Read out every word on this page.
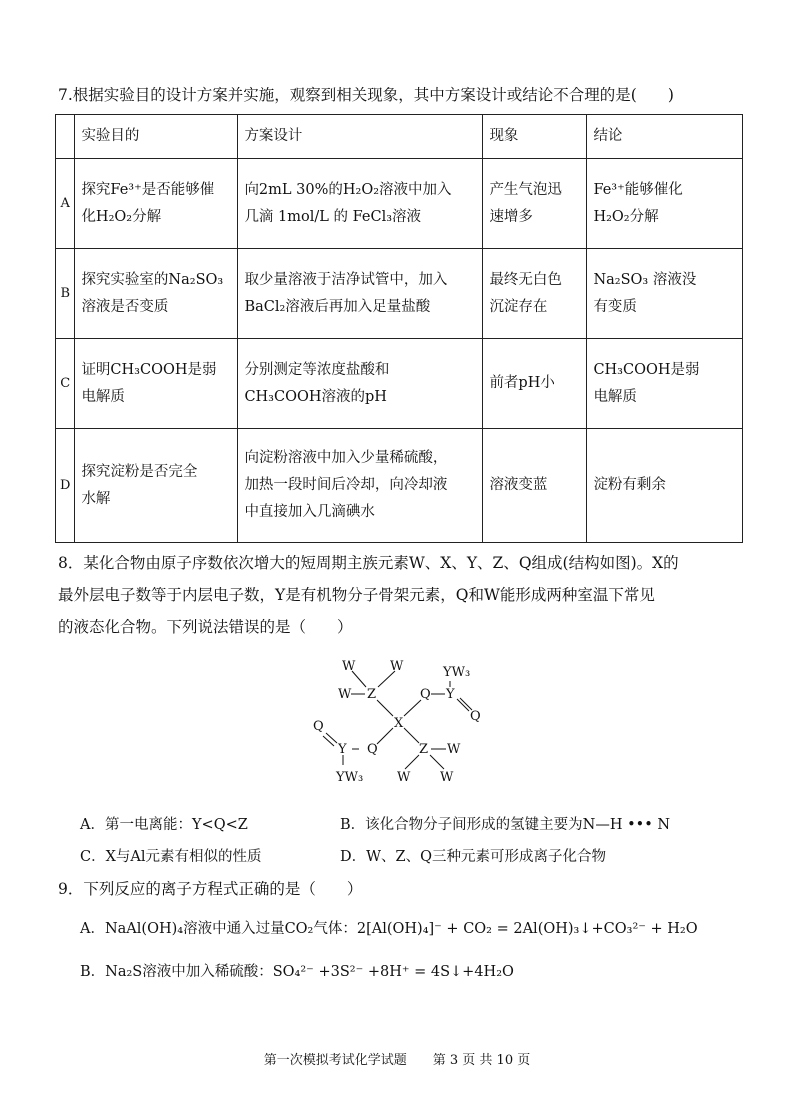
7.根据实验目的设计方案并实施，观察到相关现象，其中方案设计或结论不合理的是(　　)
	实验目的	方案设计	现象	结论
A	探究Fe³⁺是否能够催
化H₂O₂分解	向2mL 30%的H₂O₂溶液中加入
几滴 1mol/L 的 FeCl₃溶液	产生气泡迅
速增多	Fe³⁺能够催化
H₂O₂分解

B	探究实验室的Na₂SO₃
溶液是否变质	取少量溶液于洁净试管中，加入
BaCl₂溶液后再加入足量盐酸	最终无白色
沉淀存在	Na₂SO₃ 溶液没
有变质

C	证明CH₃COOH是弱
电解质	分别测定等浓度盐酸和
CH₃COOH溶液的pH	前者pH小	CH₃COOH是弱
电解质

D	探究淀粉是否完全
水解	向淀粉溶液中加入少量稀硫酸，
加热一段时间后冷却，向冷却液
中直接加入几滴碘水	溶液变蓝	淀粉有剩余
8．某化合物由原子序数依次增大的短周期主族元素W、X、Y、Z、Q组成(结构如图)。X的
最外层电子数等于内层电子数，Y是有机物分子骨架元素，Q和W能形成两种室温下常见
的液态化合物。下列说法错误的是（　　）
W	W	YW₃
W Z	Q Y
Q
X
Q
Y Q	Z W
W W
YW₃
A．第一电离能：Y<Q<Z	B．该化合物分子间形成的氢键主要为N—H ••• N
C．X与Al元素有相似的性质	D．W、Z、Q三种元素可形成离子化合物
9．下列反应的离子方程式正确的是（　　）
A．NaAl(OH)₄溶液中通入过量CO₂气体：2[Al(OH)₄]⁻ + CO₂ = 2Al(OH)₃↓+CO₃²⁻ + H₂O
B．Na₂S溶液中加入稀硫酸：SO₄²⁻ +3S²⁻ +8H⁺ = 4S↓+4H₂O
第一次模拟考试化学试题　　第 3 页 共 10 页
